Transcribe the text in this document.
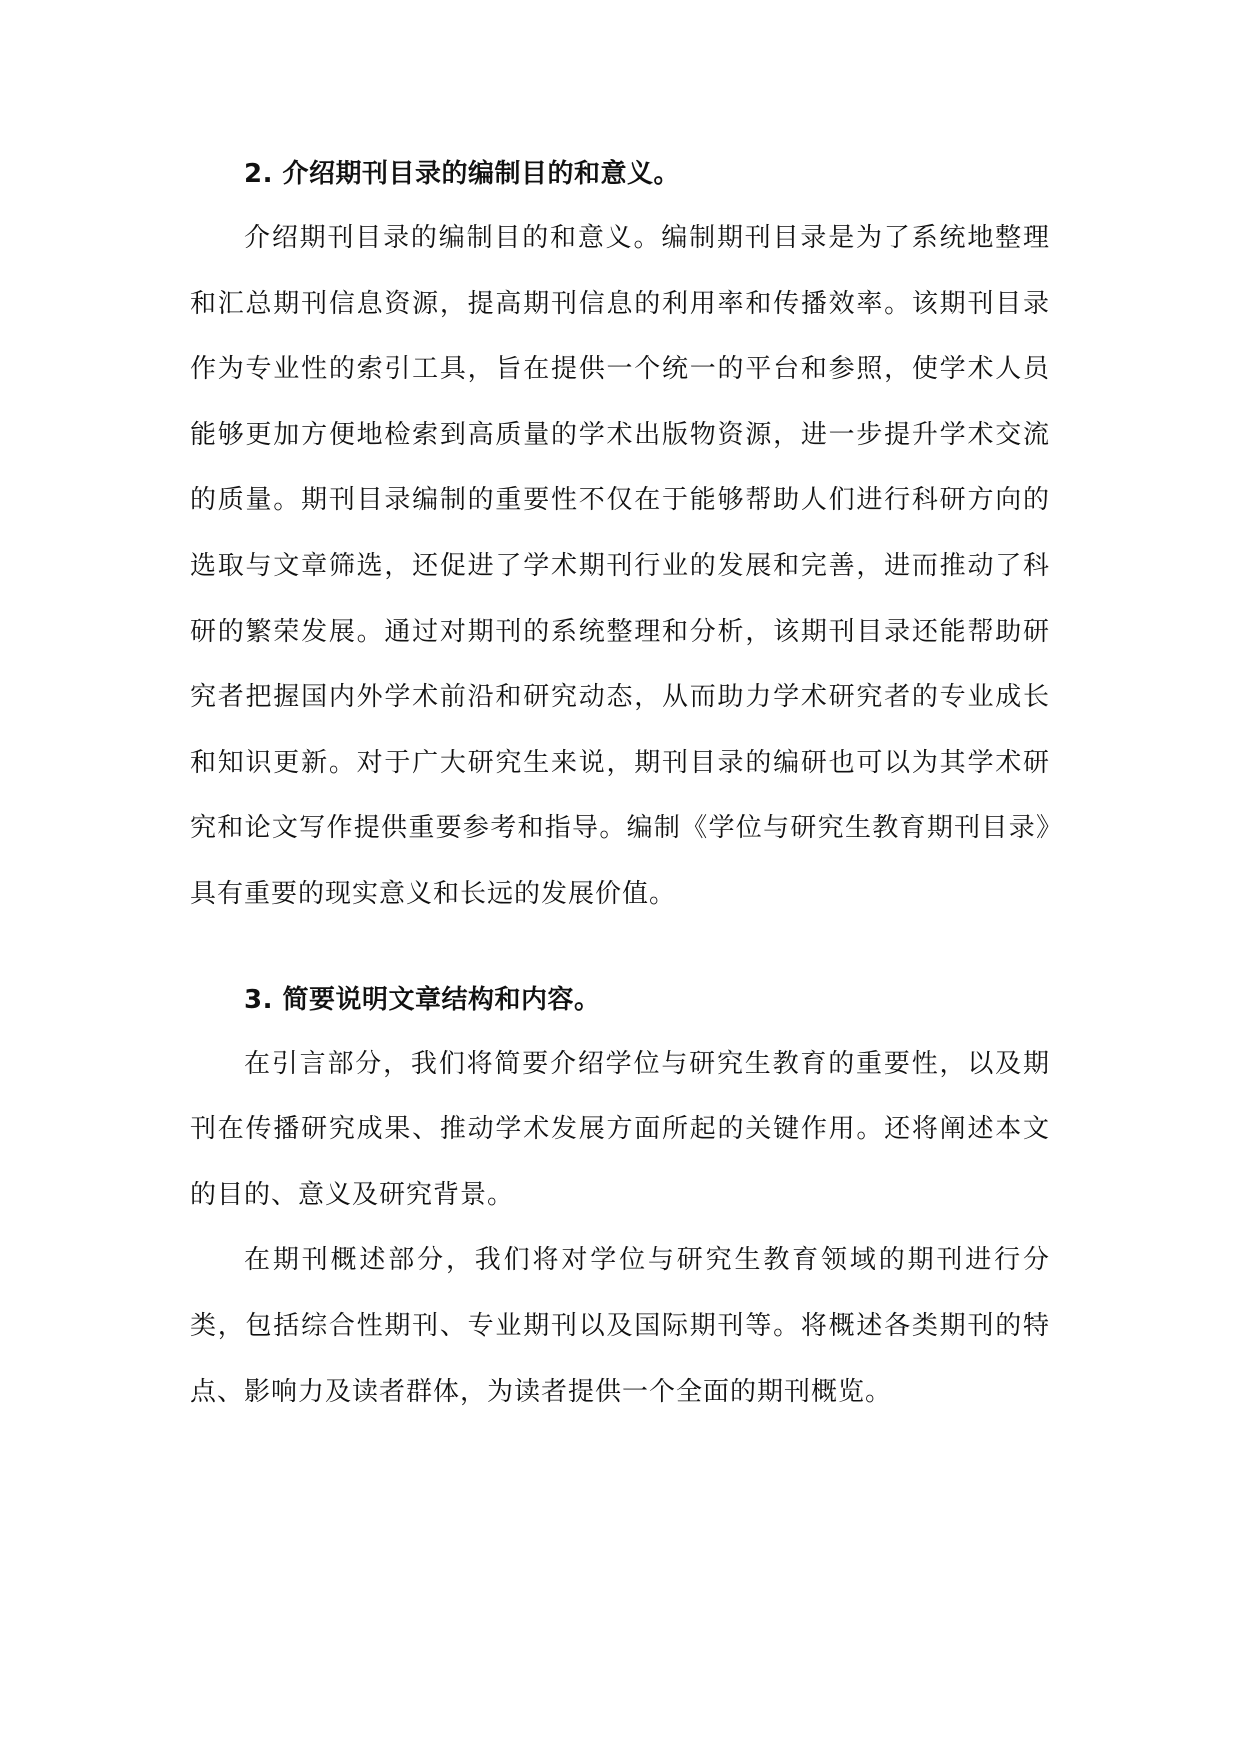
2. 介绍期刊目录的编制目的和意义。

介绍期刊目录的编制目的和意义。编制期刊目录是为了系统地整理和汇总期刊信息资源，提高期刊信息的利用率和传播效率。该期刊目录作为专业性的索引工具，旨在提供一个统一的平台和参照，使学术人员能够更加方便地检索到高质量的学术出版物资源，进一步提升学术交流的质量。期刊目录编制的重要性不仅在于能够帮助人们进行科研方向的选取与文章筛选，还促进了学术期刊行业的发展和完善，进而推动了科研的繁荣发展。通过对期刊的系统整理和分析，该期刊目录还能帮助研究者把握国内外学术前沿和研究动态，从而助力学术研究者的专业成长和知识更新。对于广大研究生来说，期刊目录的编研也可以为其学术研究和论文写作提供重要参考和指导。编制《学位与研究生教育期刊目录》具有重要的现实意义和长远的发展价值。

3. 简要说明文章结构和内容。

在引言部分，我们将简要介绍学位与研究生教育的重要性，以及期刊在传播研究成果、推动学术发展方面所起的关键作用。还将阐述本文的目的、意义及研究背景。

在期刊概述部分，我们将对学位与研究生教育领域的期刊进行分类，包括综合性期刊、专业期刊以及国际期刊等。将概述各类期刊的特点、影响力及读者群体，为读者提供一个全面的期刊概览。
